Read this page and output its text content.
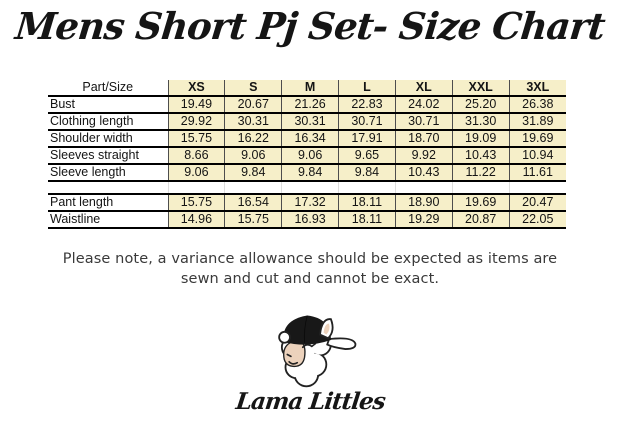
Mens Short Pj Set- Size Chart
Part/Size	XS	S	M	L	XL	XXL	3XL
Bust	19.49	20.67	21.26	22.83	24.02	25.20	26.38
Clothing length	29.92	30.31	30.31	30.71	30.71	31.30	31.89
Shoulder width	15.75	16.22	16.34	17.91	18.70	19.09	19.69
Sleeves straight	8.66	9.06	9.06	9.65	9.92	10.43	10.94
Sleeve length	9.06	9.84	9.84	9.84	10.43	11.22	11.61

Pant length	15.75	16.54	17.32	18.11	18.90	19.69	20.47
Waistline	14.96	15.75	16.93	18.11	19.29	20.87	22.05
Please note, a variance allowance should be expected as items are
sewn and cut and cannot be exact.
Lama Littles
